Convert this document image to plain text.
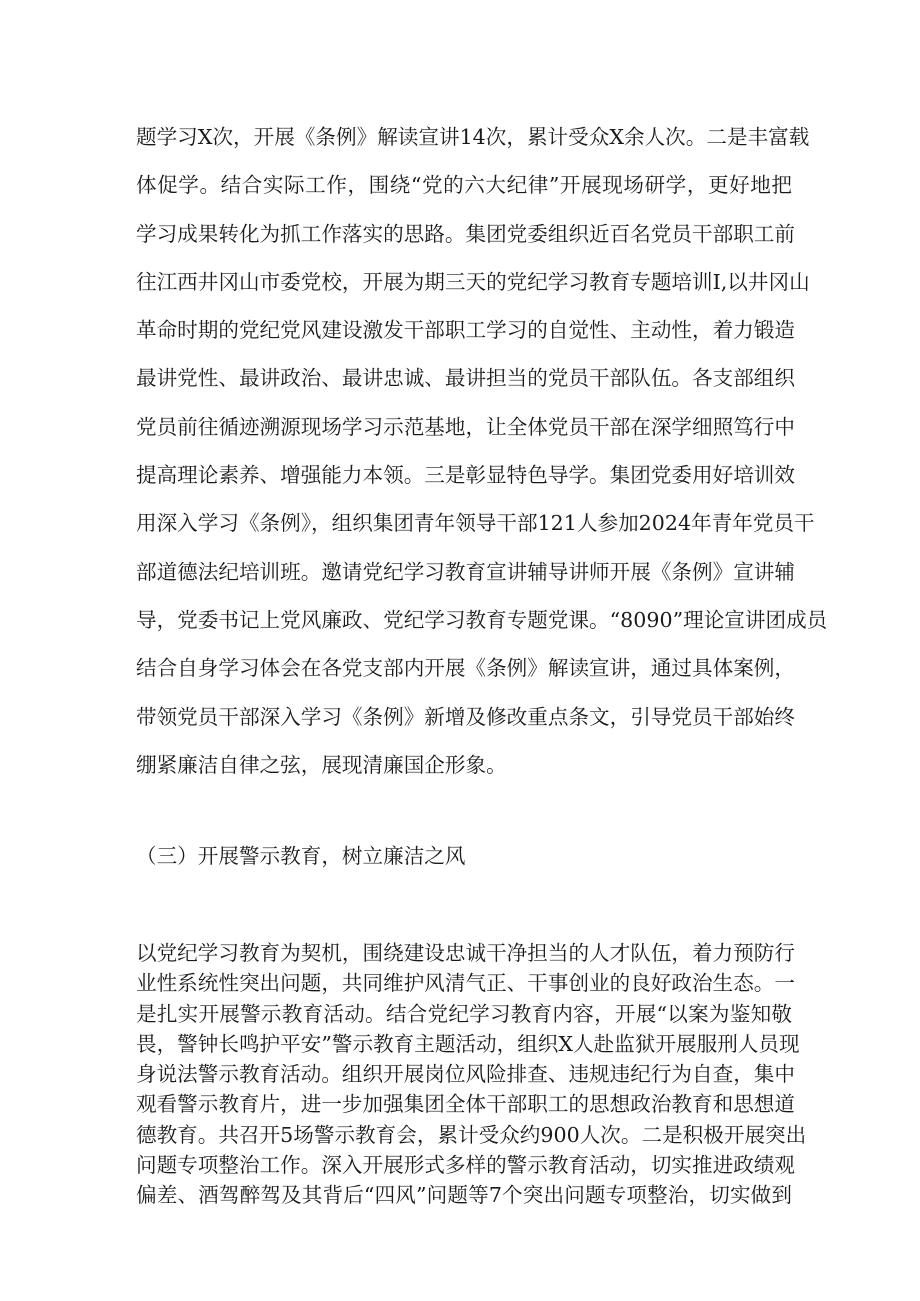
题学习X次，开展《条例》解读宣讲14次，累计受众X余人次。二是丰富载
体促学。结合实际工作，围绕“党的六大纪律”开展现场研学，更好地把
学习成果转化为抓工作落实的思路。集团党委组织近百名党员干部职工前
往江西井冈山市委党校，开展为期三天的党纪学习教育专题培训I,以井冈山
革命时期的党纪党风建设激发干部职工学习的自觉性、主动性，着力锻造
最讲党性、最讲政治、最讲忠诚、最讲担当的党员干部队伍。各支部组织
党员前往循迹溯源现场学习示范基地，让全体党员干部在深学细照笃行中
提高理论素养、增强能力本领。三是彰显特色导学。集团党委用好培训效
用深入学习《条例》，组织集团青年领导干部121人参加2024年青年党员干
部道德法纪培训班。邀请党纪学习教育宣讲辅导讲师开展《条例》宣讲辅
导，党委书记上党风廉政、党纪学习教育专题党课。“8090”理论宣讲团成员
结合自身学习体会在各党支部内开展《条例》解读宣讲，通过具体案例，
带领党员干部深入学习《条例》新增及修改重点条文，引导党员干部始终
绷紧廉洁自律之弦，展现清廉国企形象。
（三）开展警示教育，树立廉洁之风
以党纪学习教育为契机，围绕建设忠诚干净担当的人才队伍，着力预防行
业性系统性突出问题，共同维护风清气正、干事创业的良好政治生态。一
是扎实开展警示教育活动。结合党纪学习教育内容，开展“以案为鉴知敬
畏，警钟长鸣护平安”警示教育主题活动，组织X人赴监狱开展服刑人员现
身说法警示教育活动。组织开展岗位风险排查、违规违纪行为自查，集中
观看警示教育片，进一步加强集团全体干部职工的思想政治教育和思想道
德教育。共召开5场警示教育会，累计受众约900人次。二是积极开展突出
问题专项整治工作。深入开展形式多样的警示教育活动，切实推进政绩观
偏差、酒驾醉驾及其背后“四风”问题等7个突出问题专项整治，切实做到
